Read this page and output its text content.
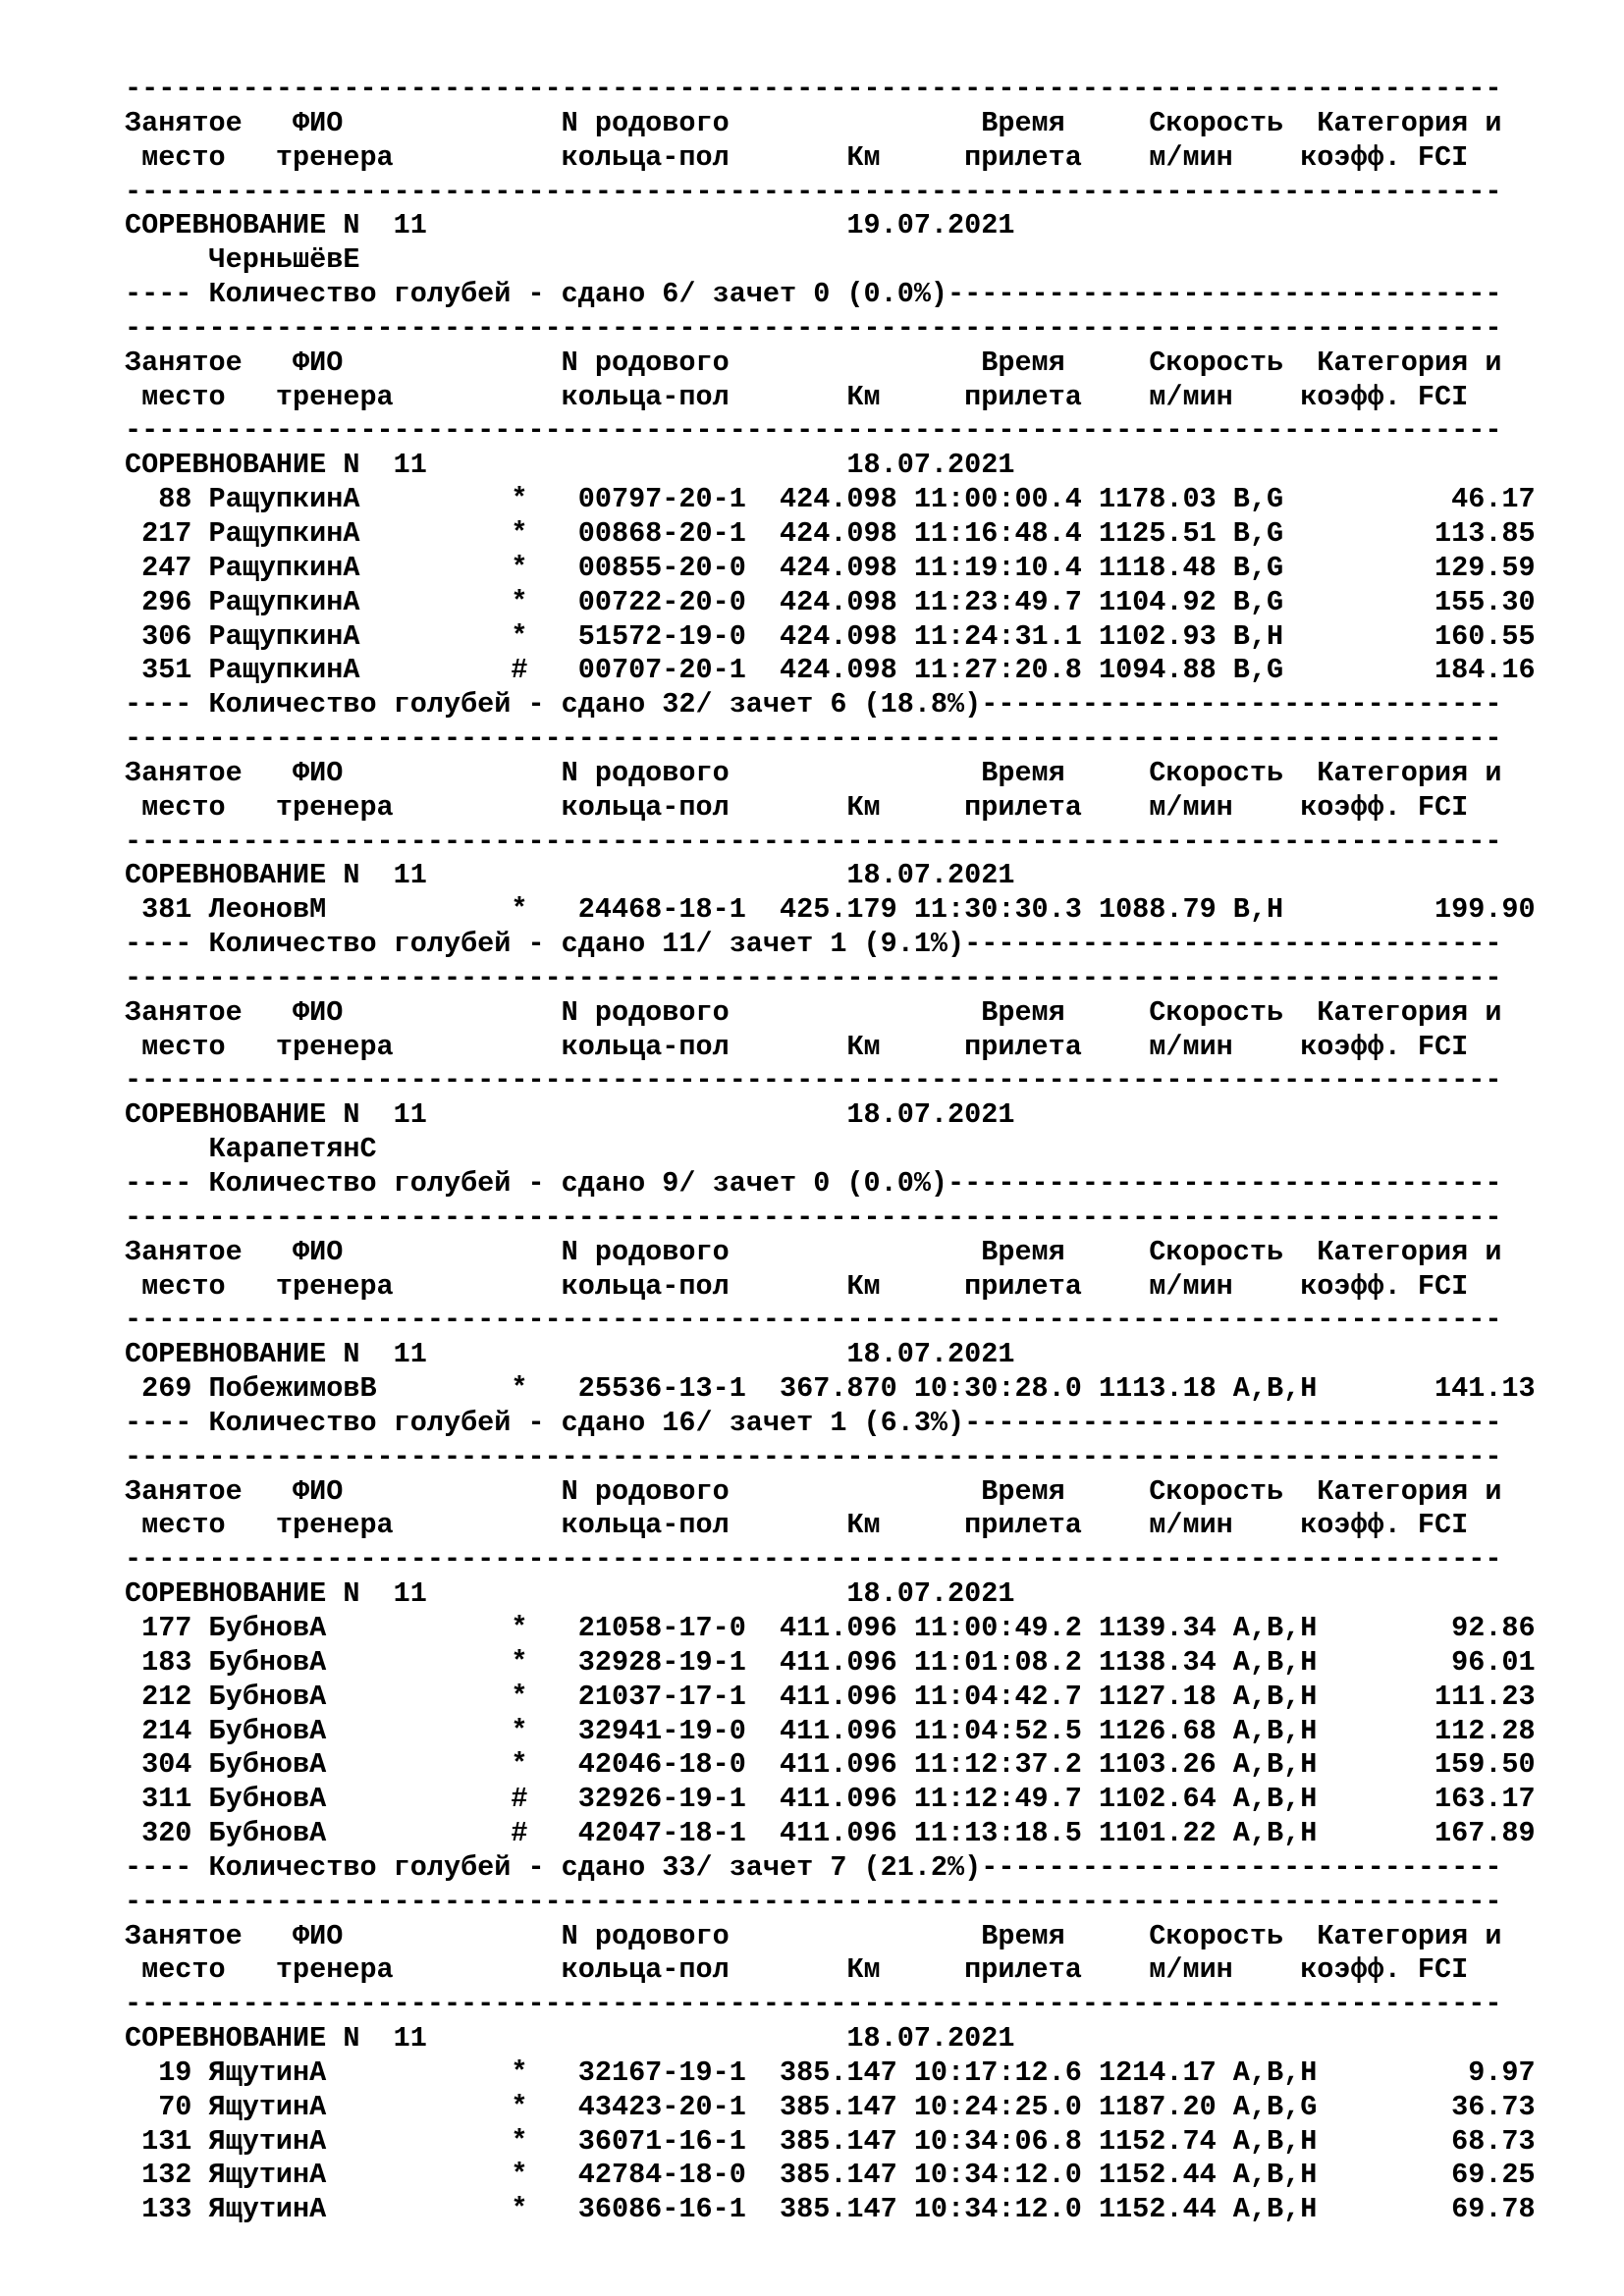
----------------------------------------------------------------------------------
Занятое   ФИО             N родового               Время     Скорость  Категория и
место   тренера          кольца-пол       Км     прилета    м/мин    коэфф. FCI
----------------------------------------------------------------------------------
СОРЕВНОВАНИЕ N  11                         19.07.2021
ЧерньшёвЕ
---- Количество голубей - сдано 6/ зачет 0 (0.0%)---------------------------------
----------------------------------------------------------------------------------
Занятое   ФИО             N родового               Время     Скорость  Категория и
место   тренера          кольца-пол       Км     прилета    м/мин    коэфф. FCI
----------------------------------------------------------------------------------
СОРЕВНОВАНИЕ N  11                         18.07.2021
88 РащупкинА         *   00797-20-1  424.098 11:00:00.4 1178.03 B,G          46.17
217 РащупкинА         *   00868-20-1  424.098 11:16:48.4 1125.51 B,G         113.85
247 РащупкинА         *   00855-20-0  424.098 11:19:10.4 1118.48 B,G         129.59
296 РащупкинА         *   00722-20-0  424.098 11:23:49.7 1104.92 B,G         155.30
306 РащупкинА         *   51572-19-0  424.098 11:24:31.1 1102.93 B,H         160.55
351 РащупкинА         #   00707-20-1  424.098 11:27:20.8 1094.88 B,G         184.16
---- Количество голубей - сдано 32/ зачет 6 (18.8%)-------------------------------
----------------------------------------------------------------------------------
Занятое   ФИО             N родового               Время     Скорость  Категория и
место   тренера          кольца-пол       Км     прилета    м/мин    коэфф. FCI
----------------------------------------------------------------------------------
СОРЕВНОВАНИЕ N  11                         18.07.2021
381 ЛеоновМ           *   24468-18-1  425.179 11:30:30.3 1088.79 B,H         199.90
---- Количество голубей - сдано 11/ зачет 1 (9.1%)--------------------------------
----------------------------------------------------------------------------------
Занятое   ФИО             N родового               Время     Скорость  Категория и
место   тренера          кольца-пол       Км     прилета    м/мин    коэфф. FCI
----------------------------------------------------------------------------------
СОРЕВНОВАНИЕ N  11                         18.07.2021
КарапетянС
---- Количество голубей - сдано 9/ зачет 0 (0.0%)---------------------------------
----------------------------------------------------------------------------------
Занятое   ФИО             N родового               Время     Скорость  Категория и
место   тренера          кольца-пол       Км     прилета    м/мин    коэфф. FCI
----------------------------------------------------------------------------------
СОРЕВНОВАНИЕ N  11                         18.07.2021
269 ПобежимовВ        *   25536-13-1  367.870 10:30:28.0 1113.18 A,B,H       141.13
---- Количество голубей - сдано 16/ зачет 1 (6.3%)--------------------------------
----------------------------------------------------------------------------------
Занятое   ФИО             N родового               Время     Скорость  Категория и
место   тренера          кольца-пол       Км     прилета    м/мин    коэфф. FCI
----------------------------------------------------------------------------------
СОРЕВНОВАНИЕ N  11                         18.07.2021
177 БубновА           *   21058-17-0  411.096 11:00:49.2 1139.34 A,B,H        92.86
183 БубновА           *   32928-19-1  411.096 11:01:08.2 1138.34 A,B,H        96.01
212 БубновА           *   21037-17-1  411.096 11:04:42.7 1127.18 A,B,H       111.23
214 БубновА           *   32941-19-0  411.096 11:04:52.5 1126.68 A,B,H       112.28
304 БубновА           *   42046-18-0  411.096 11:12:37.2 1103.26 A,B,H       159.50
311 БубновА           #   32926-19-1  411.096 11:12:49.7 1102.64 A,B,H       163.17
320 БубновА           #   42047-18-1  411.096 11:13:18.5 1101.22 A,B,H       167.89
---- Количество голубей - сдано 33/ зачет 7 (21.2%)-------------------------------
----------------------------------------------------------------------------------
Занятое   ФИО             N родового               Время     Скорость  Категория и
место   тренера          кольца-пол       Км     прилета    м/мин    коэфф. FCI
----------------------------------------------------------------------------------
СОРЕВНОВАНИЕ N  11                         18.07.2021
19 ЯщутинА           *   32167-19-1  385.147 10:17:12.6 1214.17 A,B,H         9.97
70 ЯщутинА           *   43423-20-1  385.147 10:24:25.0 1187.20 A,B,G        36.73
131 ЯщутинА           *   36071-16-1  385.147 10:34:06.8 1152.74 A,B,H        68.73
132 ЯщутинА           *   42784-18-0  385.147 10:34:12.0 1152.44 A,B,H        69.25
133 ЯщутинА           *   36086-16-1  385.147 10:34:12.0 1152.44 A,B,H        69.78
